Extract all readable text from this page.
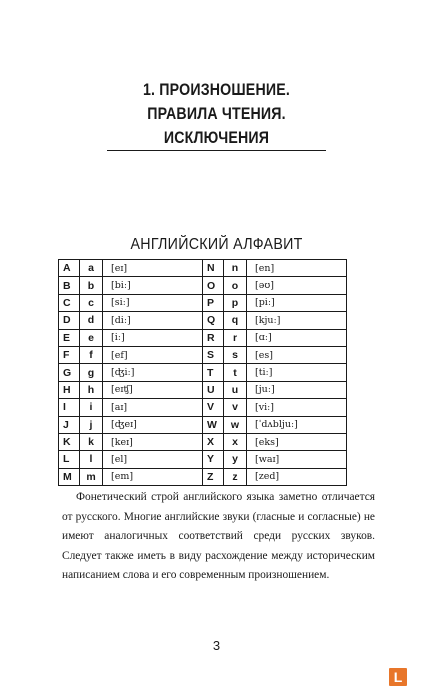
1. ПРОИЗНОШЕНИЕ.
ПРАВИЛА ЧТЕНИЯ.
ИСКЛЮЧЕНИЯ
АНГЛИЙСКИЙ АЛФАВИТ
A	a	[eɪ]	N	n	[en]
B	b	[biː]	O	o	[əʊ]
C	c	[siː]	P	p	[piː]
D	d	[diː]	Q	q	[kjuː]
E	e	[iː]	R	r	[ɑː]
F	f	[ef]	S	s	[es]
G	g	[ʤiː]	T	t	[tiː]
H	h	[eɪʧ]	U	u	[juː]
I	i	[aɪ]	V	v	[viː]
J	j	[ʤeɪ]	W	w	[ˈdʌbljuː]
K	k	[keɪ]	X	x	[eks]
L	l	[el]	Y	y	[waɪ]
M	m	[em]	Z	z	[zed]
Фонетический строй английского языка заметно отличается от русского. Многие английские звуки (гласные и согласные) не имеют аналогичных соответствий среди русских звуков. Следует также иметь в виду расхождение между историческим написанием слова и его современным произношением.
3
L
